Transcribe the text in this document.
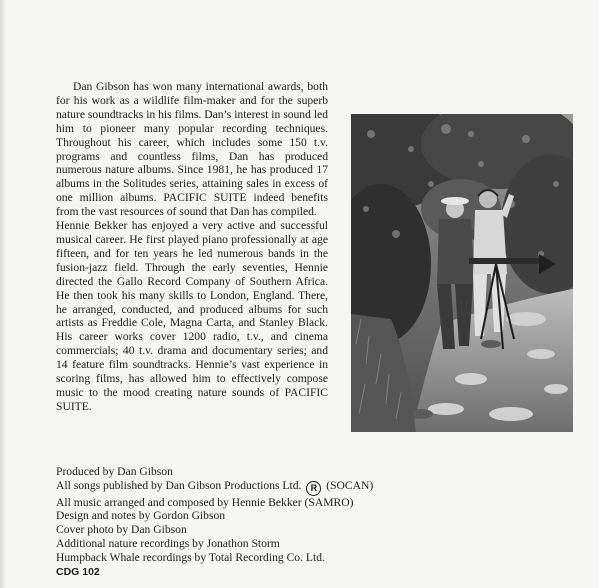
Dan Gibson has won many international awards, both for his work as a wildlife film-maker and for the superb nature soundtracks in his films. Dan’s interest in sound led him to pioneer many popular recording techniques. Throughout his career, which includes some 150 t.v. programs and countless films, Dan has produced numerous nature albums. Since 1981, he has produced 17 albums in the Solitudes series, attaining sales in excess of one million albums. PACIFIC SUITE indeed benefits from the vast resources of sound that Dan has compiled.

Hennie Bekker has enjoyed a very active and successful musical career. He first played piano professionally at age fifteen, and for ten years he led numerous bands in the fusion-jazz field. Through the early seventies, Hennie directed the Gallo Record Company of Southern Africa. He then took his many skills to London, England. There, he arranged, conducted, and produced albums for such artists as Freddie Cole, Magna Carta, and Stanley Black. His career works cover 1200 radio, t.v., and cinema commercials; 40 t.v. drama and documentary series; and 14 feature film soundtracks. Hennie’s vast experience in scoring films, has allowed him to effectively compose music to the mood creating nature sounds of PACIFIC SUITE.

Produced by Dan Gibson
All songs published by Dan Gibson Productions Ltd. R (SOCAN)
All music arranged and composed by Hennie Bekker (SAMRO)
Design and notes by Gordon Gibson
Cover photo by Dan Gibson
Additional nature recordings by Jonathon Storm
Humpback Whale recordings by Total Recording Co. Ltd.
CDG 102
